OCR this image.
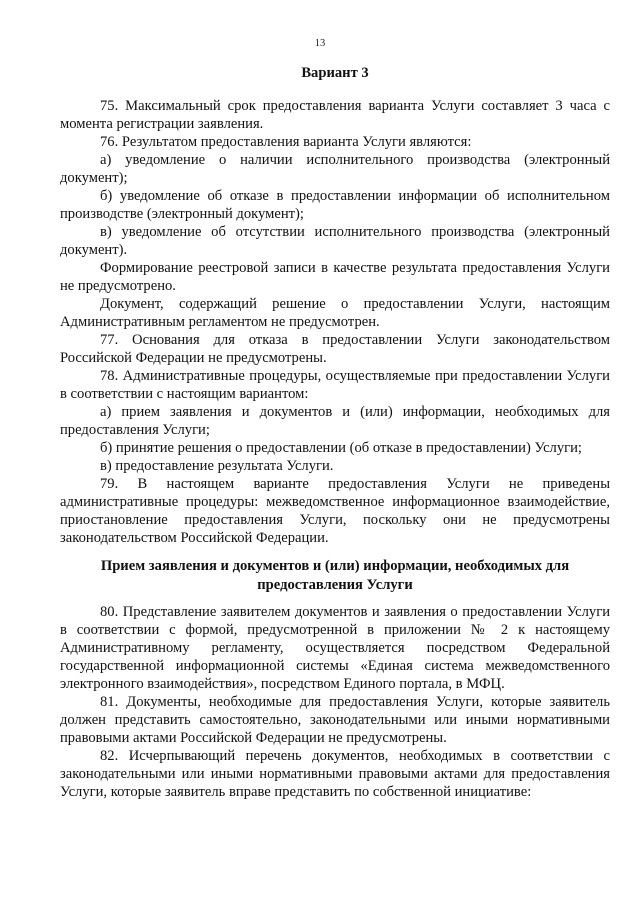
13
Вариант 3

75. Максимальный срок предоставления варианта Услуги составляет 3 часа с момента регистрации заявления.

76. Результатом предоставления варианта Услуги являются:

а) уведомление о наличии исполнительного производства (электронный документ);

б) уведомление об отказе в предоставлении информации об исполнительном производстве (электронный документ);

в) уведомление об отсутствии исполнительного производства (электронный документ).

Формирование реестровой записи в качестве результата предоставления Услуги не предусмотрено.

Документ, содержащий решение о предоставлении Услуги, настоящим Административным регламентом не предусмотрен.

77. Основания для отказа в предоставлении Услуги законодательством Российской Федерации не предусмотрены.

78. Административные процедуры, осуществляемые при предоставлении Услуги в соответствии с настоящим вариантом:

а) прием заявления и документов и (или) информации, необходимых для предоставления Услуги;

б) принятие решения о предоставлении (об отказе в предоставлении) Услуги;

в) предоставление результата Услуги.

79. В настоящем варианте предоставления Услуги не приведены административные процедуры: межведомственное информационное взаимодействие, приостановление предоставления Услуги, поскольку они не предусмотрены законодательством Российской Федерации.

Прием заявления и документов и (или) информации, необходимых для предоставления Услуги

80. Представление заявителем документов и заявления о предоставлении Услуги в соответствии с формой, предусмотренной в приложении № 2 к настоящему Административному регламенту, осуществляется посредством Федеральной государственной информационной системы «Единая система межведомственного электронного взаимодействия», посредством Единого портала, в МФЦ.

81. Документы, необходимые для предоставления Услуги, которые заявитель должен представить самостоятельно, законодательными или иными нормативными правовыми актами Российской Федерации не предусмотрены.

82. Исчерпывающий перечень документов, необходимых в соответствии с законодательными или иными нормативными правовыми актами для предоставления Услуги, которые заявитель вправе представить по собственной инициативе:
